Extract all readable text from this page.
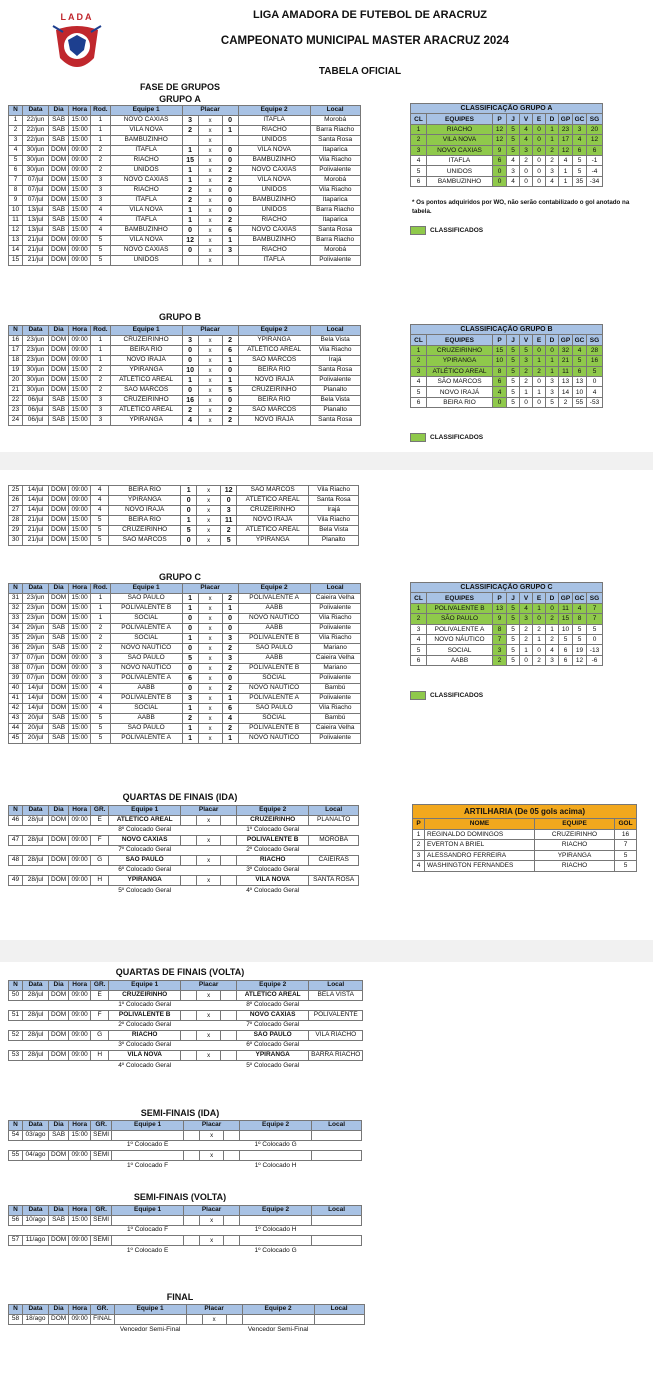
LADA	LIGA AMADORA DE FUTEBOL DE ARACRUZ
CAMPEONATO MUNICIPAL MASTER ARACRUZ 2024
TABELA OFICIAL
FASE DE GRUPOS
GRUPO A
N	Data	Dia	Hora	Rod.	Equipe 1	Placar			Equipe 2	Local
1	22/jun	SAB	15:00	1	NOVO CAXIAS	3	x	0	ITAFLA	Morobá
2	22/jun	SAB	15:00	1	VILA NOVA	2	x	1	RIACHO	Barra Riacho
3	22/jun	SAB	15:00	1	BAMBUZINHO		x		UNIDOS	Santa Rosa
4	30/jun	DOM	09:00	2	ITAFLA	1	x	0	VILA NOVA	Itaparica
5	30/jun	DOM	09:00	2	RIACHO	15	x	0	BAMBUZINHO	Vila Riacho
6	30/jun	DOM	09:00	2	UNIDOS	1	x	2	NOVO CAXIAS	Polivalente
7	07/jul	DOM	15:00	3	NOVO CAXIAS	1	x	2	VILA NOVA	Morobá
8	07/jul	DOM	15:00	3	RIACHO	2	x	0	UNIDOS	Vila Riacho
9	07/jul	DOM	15:00	3	ITAFLA	2	x	0	BAMBUZINHO	Itaparica
10	13/jul	SAB	15:00	4	VILA NOVA	1	x	0	UNIDOS	Barra Riacho
11	13/jul	SAB	15:00	4	ITAFLA	1	x	2	RIACHO	Itaparica
12	13/jul	SAB	15:00	4	BAMBUZINHO	0	x	6	NOVO CAXIAS	Santa Rosa
13	21/jul	DOM	09:00	5	VILA NOVA	12	x	1	BAMBUZINHO	Barra Riacho
14	21/jul	DOM	09:00	5	NOVO CAXIAS	0	x	3	RIACHO	Morobá
15	21/jul	DOM	09:00	5	UNIDOS		x		ITAFLA	Polivalente
CLASSIFICAÇÃO GRUPO A									
CL	EQUIPES	P	J	V	E	D	GP	GC	SG
1	RIACHO	12	5	4	0	1	23	3	20
2	VILA NOVA	12	5	4	0	1	17	4	12
3	NOVO CAXIAS	9	5	3	0	2	12	6	6
4	ITAFLA	6	4	2	0	2	4	5	-1
5	UNIDOS	0	3	0	0	3	1	5	-4
6	BAMBUZINHO	0	4	0	0	4	1	35	-34
* Os pontos adquiridos por WO, não serão contabilizado o gol anotado na tabela.
CLASSIFICADOS
GRUPO B
N	Data	Dia	Hora	Rod.	Equipe 1	Placar			Equipe 2	Local
16	23/jun	DOM	09:00	1	CRUZEIRINHO	3	x	2	YPIRANGA	Bela Vista
17	23/jun	DOM	09:00	1	BEIRA RIO	0	x	6	ATLÉTICO AREAL	Vila Riacho
18	23/jun	DOM	09:00	1	NOVO IRAJÁ	0	x	1	SÃO MARCOS	Irajá
19	30/jun	DOM	15:00	2	YPIRANGA	10	x	0	BEIRA RIO	Santa Rosa
20	30/jun	DOM	15:00	2	ATLÉTICO AREAL	1	x	1	NOVO IRAJÁ	Polivalente
21	30/jun	DOM	15:00	2	SÃO MARCOS	0	x	5	CRUZEIRINHO	Planalto
22	06/jul	SAB	15:00	3	CRUZEIRINHO	16	x	0	BEIRA RIO	Bela Vista
23	06/jul	SAB	15:00	3	ATLÉTICO AREAL	2	x	2	SÃO MARCOS	Planalto
24	06/jul	SAB	15:00	3	YPIRANGA	4	x	2	NOVO IRAJÁ	Santa Rosa
CLASSIFICAÇÃO GRUPO B									
CL	EQUIPES	P	J	V	E	D	GP	GC	SG
1	CRUZEIRINHO	15	5	5	0	0	32	4	28
2	YPIRANGA	10	5	3	1	1	21	5	16
3	ATLÉTICO AREAL	8	5	2	2	1	11	6	5
4	SÃO MARCOS	6	5	2	0	3	13	13	0
5	NOVO IRAJÁ	4	5	1	1	3	14	10	4
6	BEIRA RIO	0	5	0	0	5	2	55	-53
CLASSIFICADOS
25	14/jul	DOM	09:00	4	BEIRA RIO	1	x	12	SÃO MARCOS	Vila Riacho
26	14/jul	DOM	09:00	4	YPIRANGA	0	x	0	ATLÉTICO AREAL	Santa Rosa
27	14/jul	DOM	09:00	4	NOVO IRAJÁ	0	x	3	CRUZEIRINHO	Irajá
28	21/jul	DOM	15:00	5	BEIRA RIO	1	x	11	NOVO IRAJÁ	Vila Riacho
29	21/jul	DOM	15:00	5	CRUZEIRINHO	5	x	2	ATLÉTICO AREAL	Bela Vista
30	21/jul	DOM	15:00	5	SÃO MARCOS	0	x	5	YPIRANGA	Planalto
GRUPO C
N	Data	Dia	Hora	Rod.	Equipe 1	Placar			Equipe 2	Local
31	23/jun	DOM	15:00	1	SÃO PAULO	1	x	2	POLIVALENTE A	Caieira Velha
32	23/jun	DOM	15:00	1	POLIVALENTE B	1	x	1	AABB	Polivalente
33	23/jun	DOM	15:00	1	SOCIAL	0	x	0	NOVO NÁUTICO	Vila Riacho
34	29/jun	SAB	15:00	2	POLIVALENTE A	0	x	0	AABB	Polivalente
35	29/jun	SAB	15:00	2	SOCIAL	1	x	3	POLIVALENTE B	Vila Riacho
36	29/jun	SAB	15:00	2	NOVO NÁUTICO	0	x	2	SÃO PAULO	Mariano
37	07/jun	DOM	09:00	3	SÃO PAULO	5	x	3	AABB	Caieira Velha
38	07/jun	DOM	09:00	3	NOVO NÁUTICO	0	x	2	POLIVALENTE B	Mariano
39	07/jun	DOM	09:00	3	POLIVALENTE A	6	x	0	SOCIAL	Polivalente
40	14/jul	DOM	15:00	4	AABB	0	x	2	NOVO NÁUTICO	Bambú
41	14/jul	DOM	15:00	4	POLIVALENTE B	3	x	1	POLIVALENTE A	Polivalente
42	14/jul	DOM	15:00	4	SOCIAL	1	x	6	SÃO PAULO	Vila Riacho
43	20/jul	SAB	15:00	5	AABB	2	x	4	SOCIAL	Bambú
44	20/jul	SAB	15:00	5	SÃO PAULO	1	x	2	POLIVALENTE B	Caieira Velha
45	20/jul	SAB	15:00	5	POLIVALENTE A	1	x	1	NOVO NÁUTICO	Polivalente
CLASSIFICAÇÃO GRUPO C									
CL	EQUIPES	P	J	V	E	D	GP	GC	SG
1	POLIVALENTE B	13	5	4	1	0	11	4	7
2	SÃO PAULO	9	5	3	0	2	15	8	7
3	POLIVALENTE A	8	5	2	2	1	10	5	5
4	NOVO NÁUTICO	7	5	2	1	2	5	5	0
5	SOCIAL	3	5	1	0	4	6	19	-13
6	AABB	2	5	0	2	3	6	12	-6
CLASSIFICADOS
QUARTAS DE FINAIS (IDA)
N	Data	Dia	Hora	GR.	Equipe 1	Placar			Equipe 2	Local
46	28/jul	DOM	09:00	E	ATLÉTICO AREAL		x		CRUZEIRINHO	PLANALTO
					8º Colocado Geral				1º Colocado Geral	
47	28/jul	DOM	09:00	F	NOVO CAXIAS		x		POLIVALENTE B	MOROBÁ
					7º Colocado Geral				2º Colocado Geral	
48	28/jul	DOM	09:00	G	SÃO PAULO		x		RIACHO	CAIEIRAS
					6º Colocado Geral				3º Colocado Geral	
49	28/jul	DOM	09:00	H	YPIRANGA		x		VILA NOVA	SANTA ROSA
					5º Colocado Geral				4º Colocado Geral	
ARTILHARIA (De 05 gols acima)			
P	NOME	EQUIPE	GOL
1	REGINALDO DOMINGOS	CRUZEIRINHO	16
2	EVERTON A BRIEL	RIACHO	7
3	ALESSANDRO FERREIRA	YPIRANGA	5
4	WASHINGTON FERNANDES	RIACHO	5
QUARTAS DE FINAIS (VOLTA)
N	Data	Dia	Hora	GR.	Equipe 1	Placar			Equipe 2	Local
50	28/jul	DOM	09:00	E	CRUZEIRINHO		x		ATLÉTICO AREAL	BELA VISTA
					1º Colocado Geral				8º Colocado Geral	
51	28/jul	DOM	09:00	F	POLIVALENTE B		x		NOVO CAXIAS	POLIVALENTE
					2º Colocado Geral				7º Colocado Geral	
52	28/jul	DOM	09:00	G	RIACHO		x		SÃO PAULO	VILA RIACHO
					3º Colocado Geral				6º Colocado Geral	
53	28/jul	DOM	09:00	H	VILA NOVA		x		YPIRANGA	BARRA RIACHO
					4º Colocado Geral				5º Colocado Geral	
SEMI-FINAIS (IDA)
N	Data	Dia	Hora	GR.	Equipe 1	Placar			Equipe 2	Local
54	03/ago	SAB	15:00	SEMI			x			
					1º Colocado E				1º Colocado G	
55	04/ago	DOM	09:00	SEMI			x			
					1º Colocado F				1º Colocado H	
SEMI-FINAIS (VOLTA)
N	Data	Dia	Hora	GR.	Equipe 1	Placar			Equipe 2	Local
56	10/ago	SAB	15:00	SEMI			x			
					1º Colocado F				1º Colocado H	
57	11/ago	DOM	09:00	SEMI			x			
					1º Colocado E				1º Colocado G	
FINAL
N	Data	Dia	Hora	GR.	Equipe 1	Placar			Equipe 2	Local
58	18/ago	DOM	09:00	FINAL			x			
					Vencedor Semi-Final				Vencedor Semi-Final	
